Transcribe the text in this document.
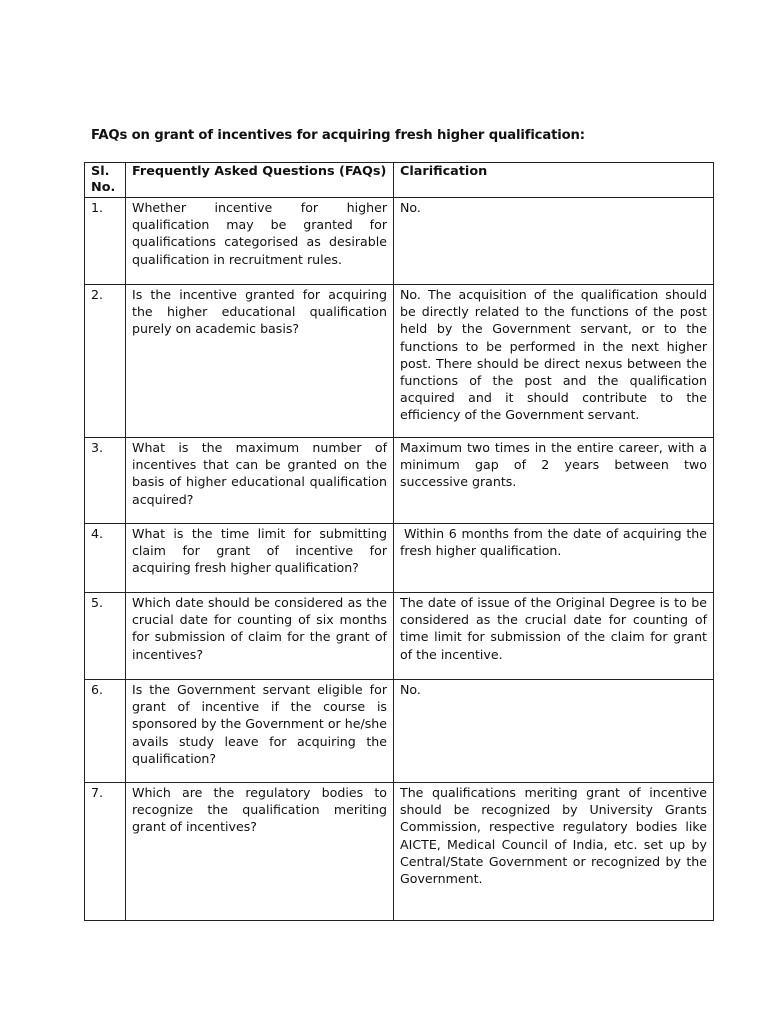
FAQs on grant of incentives for acquiring fresh higher qualification:
Sl. No.	Frequently Asked Questions (FAQs)	Clarification
1.	Whether incentive for higher qualification may be granted for qualifications categorised as desirable qualification in recruitment rules.	No.
2.	Is the incentive granted for acquiring the higher educational qualification purely on academic basis?	No. The acquisition of the qualification should be directly related to the functions of the post held by the Government servant, or to the functions to be performed in the next higher post. There should be direct nexus between the functions of the post and the qualification acquired and it should contribute to the efficiency of the Government servant.
3.	What is the maximum number of incentives that can be granted on the basis of higher educational qualification acquired?	Maximum two times in the entire career, with a minimum gap of 2 years between two successive grants.
4.	What is the time limit for submitting claim for grant of incentive for acquiring fresh higher qualification?	Within 6 months from the date of acquiring the fresh higher qualification.
5.	Which date should be considered as the crucial date for counting of six months for submission of claim for the grant of incentives?	The date of issue of the Original Degree is to be considered as the crucial date for counting of time limit for submission of the claim for grant of the incentive.
6.	Is the Government servant eligible for grant of incentive if the course is sponsored by the Government or he/she avails study leave for acquiring the qualification?	No.
7.	Which are the regulatory bodies to recognize the qualification meriting grant of incentives?	The qualifications meriting grant of incentive should be recognized by University Grants Commission, respective regulatory bodies like AICTE, Medical Council of India, etc. set up by Central/State Government or recognized by the Government.
